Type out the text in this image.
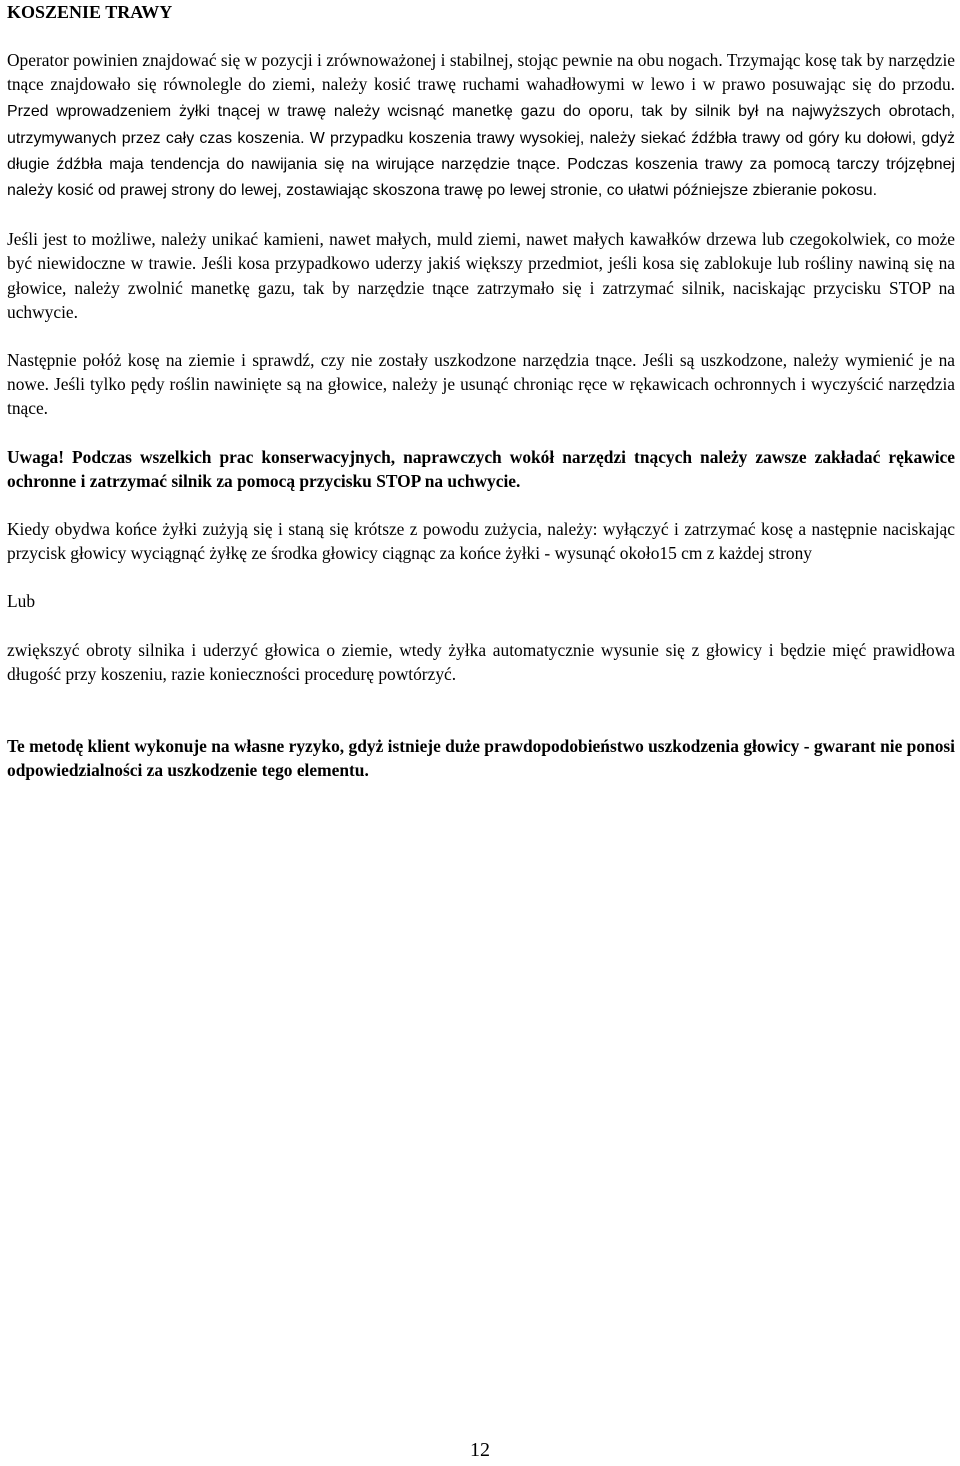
KOSZENIE TRAWY

Operator powinien znajdować się w pozycji i zrównoważonej i stabilnej, stojąc pewnie na obu nogach. Trzymając kosę tak by narzędzie tnące znajdowało się równolegle do ziemi, należy kosić trawę ruchami wahadłowymi w lewo i w prawo posuwając się do przodu. Przed wprowadzeniem żyłki tnącej w trawę należy wcisnąć manetkę gazu do oporu, tak by silnik był na najwyższych obrotach, utrzymywanych przez cały czas koszenia. W przypadku koszenia trawy wysokiej, należy siekać źdźbła trawy od góry ku dołowi, gdyż długie źdźbła maja tendencja do nawijania się na wirujące narzędzie tnące. Podczas koszenia trawy za pomocą tarczy trójzębnej należy kosić od prawej strony do lewej, zostawiając skoszona trawę po lewej stronie, co ułatwi późniejsze zbieranie pokosu.

Jeśli jest to możliwe, należy unikać kamieni, nawet małych, muld ziemi, nawet małych kawałków drzewa lub czegokolwiek, co może być niewidoczne w trawie. Jeśli kosa przypadkowo uderzy jakiś większy przedmiot, jeśli kosa się zablokuje lub rośliny nawiną się na głowice, należy zwolnić manetkę gazu, tak by narzędzie tnące zatrzymało się i zatrzymać silnik, naciskając przycisku STOP na uchwycie.

Następnie połóż kosę na ziemie i sprawdź, czy nie zostały uszkodzone narzędzia tnące. Jeśli są uszkodzone, należy wymienić je na nowe. Jeśli tylko pędy roślin nawinięte są na głowice, należy je usunąć chroniąc ręce w rękawicach ochronnych i wyczyścić narzędzia tnące.

Uwaga! Podczas wszelkich prac konserwacyjnych, naprawczych wokół narzędzi tnących należy zawsze zakładać rękawice ochronne i zatrzymać silnik za pomocą przycisku STOP na uchwycie.

Kiedy obydwa końce żyłki zużyją się i staną się krótsze z powodu zużycia, należy: wyłączyć i zatrzymać kosę a następnie naciskając przycisk głowicy wyciągnąć żyłkę ze środka głowicy ciągnąc za końce żyłki - wysunąć około15 cm z każdej strony

Lub

zwiększyć obroty silnika i uderzyć głowica o ziemie, wtedy żyłka automatycznie wysunie się z głowicy i będzie mięć prawidłowa długość przy koszeniu, razie konieczności procedurę powtórzyć.

Te metodę klient wykonuje na własne ryzyko, gdyż istnieje duże prawdopodobieństwo uszkodzenia głowicy - gwarant nie ponosi odpowiedzialności za uszkodzenie tego elementu.

12
